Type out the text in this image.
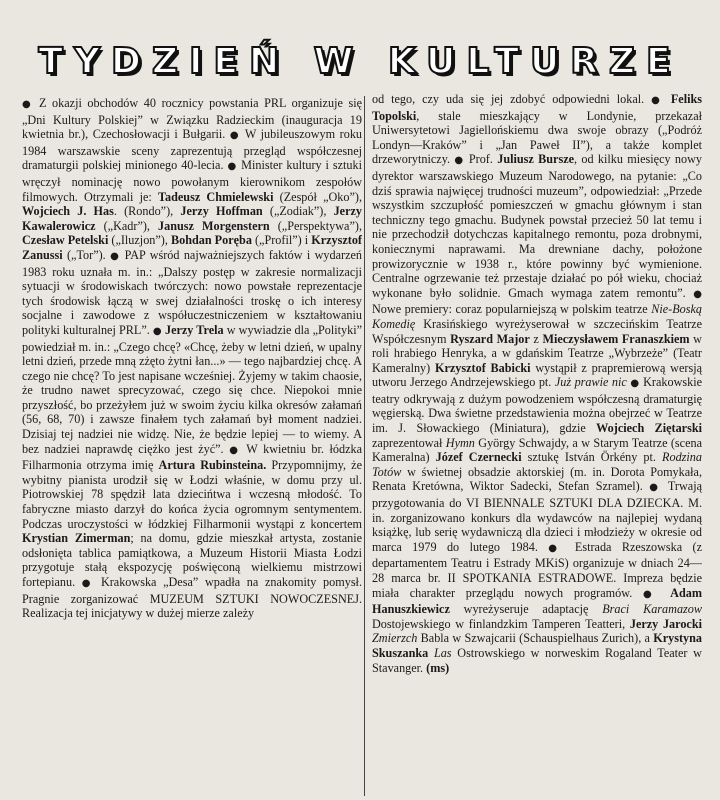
TYDZIEŃ W KULTURZE

● Z okazji obchodów 40 rocznicy powstania PRL organizuje się „Dni Kultury Polskiej” w Związku Radzieckim (inauguracja 19 kwietnia br.), Czechosłowacji i Bułgarii. ● W jubileuszowym roku 1984 warszawskie sceny zaprezentują przegląd współczesnej dramaturgii polskiej minionego 40-lecia. ● Minister kultury i sztuki wręczył nominację nowo powołanym kierownikom zespołów filmowych. Otrzymali je: Tadeusz Chmielewski (Zespół „Oko”), Wojciech J. Has. (Rondo”), Jerzy Hoffman („Zodiak”), Jerzy Kawalerowicz („Kadr”), Janusz Morgenstern („Perspektywa”), Czesław Petelski („Iluzjon”), Bohdan Poręba („Profil”) i Krzysztof Zanussi („Tor”). ● PAP wśród najważniejszych faktów i wydarzeń 1983 roku uznała m. in.: „Dalszy postęp w zakresie normalizacji sytuacji w środowiskach twórczych: nowo powstałe reprezentacje tych środowisk łączą w swej działalności troskę o ich interesy socjalne i zawodowe z współuczestniczeniem w kształtowaniu polityki kulturalnej PRL”. ● Jerzy Trela w wywiadzie dla „Polityki” powiedział m. in.: „Czego chcę? «Chcę, żeby w letni dzień, w upalny letni dzień, przede mną zżęto żytni łan...» — tego najbardziej chcę. A czego nie chcę? To jest napisane wcześniej. Żyjemy w takim chaosie, że trudno nawet sprecyzować, czego się chce. Niepokoi mnie przyszłość, bo przeżyłem już w swoim życiu kilka okresów załamań (56, 68, 70) i zawsze finałem tych załamań był moment nadziei. Dzisiaj tej nadziei nie widzę. Nie, że będzie lepiej — to wiemy. A bez nadziei naprawdę ciężko jest żyć”. ● W kwietniu br. łódzka Filharmonia otrzyma imię Artura Rubinsteina. Przypomnijmy, że wybitny pianista urodził się w Łodzi właśnie, w domu przy ul. Piotrowskiej 78 spędził lata dziecińtwa i wczesną młodość. To fabryczne miasto darzył do końca życia ogromnym sentymentem. Podczas uroczystości w łódzkiej Filharmonii wystąpi z koncertem Krystian Zimerman; na domu, gdzie mieszkał artysta, zostanie odsłonięta tablica pamiątkowa, a Muzeum Historii Miasta Łodzi przygotuje stałą ekspozycję poświęconą wielkiemu mistrzowi fortepianu. ● Krakowska „Desa” wpadła na znakomity pomysł. Pragnie zorganizować MUZEUM SZTUKI NOWOCZESNEJ. Realizacja tej inicjatywy w dużej mierze zależy

od tego, czy uda się jej zdobyć odpowiedni lokal. ● Feliks Topolski, stale mieszkający w Londynie, przekazał Uniwersytetowi Jagiellońskiemu dwa swoje obrazy („Podróż Londyn—Kraków” i „Jan Paweł II”), a także komplet drzeworytniczy. ● Prof. Juliusz Bursze, od kilku miesięcy nowy dyrektor warszawskiego Muzeum Narodowego, na pytanie: „Co dziś sprawia najwięcej trudności muzeum”, odpowiedział: „Przede wszystkim szczupłość pomieszczeń w gmachu głównym i stan techniczny tego gmachu. Budynek powstał przecież 50 lat temu i nie przechodził dotychczas kapitalnego remontu, poza drobnymi, koniecznymi naprawami. Ma drewniane dachy, położone prowizorycznie w 1938 r., które powinny być wymienione. Centralne ogrzewanie też przestaje działać po pół wieku, chociaż wykonane było solidnie. Gmach wymaga zatem remontu”. ● Nowe premiery: coraz popularniejszą w polskim teatrze Nie-Boską Komedię Krasińskiego wyreżyserował w szczecińskim Teatrze Współczesnym Ryszard Major z Mieczysławem Franaszkiem w roli hrabiego Henryka, a w gdańskim Teatrze „Wybrzeże” (Teatr Kameralny) Krzysztof Babicki wystąpił z prapremierową wersją utworu Jerzego Andrzejewskiego pt. Już prawie nic ● Krakowskie teatry odkrywają z dużym powodzeniem współczesną dramaturgię węgierską. Dwa świetne przedstawienia można obejrzeć w Teatrze im. J. Słowackiego (Miniatura), gdzie Wojciech Ziętarski zaprezentował Hymn György Schwajdy, a w Starym Teatrze (scena Kameralna) Józef Czernecki sztukę István Örkény pt. Rodzina Totów w świetnej obsadzie aktorskiej (m. in. Dorota Pomykała, Renata Kretówna, Wiktor Sadecki, Stefan Szramel). ● Trwają przygotowania do VI BIENNALE SZTUKI DLA DZIECKA. M. in. zorganizowano konkurs dla wydawców na najlepiej wydaną książkę, lub serię wydawniczą dla dzieci i młodzieży w okresie od marca 1979 do lutego 1984. ● Estrada Rzeszowska (z departamentem Teatru i Estrady MKiS) organizuje w dniach 24—28 marca br. II SPOTKANIA ESTRADOWE. Impreza będzie miała charakter przeglądu nowych programów. ● Adam Hanuszkiewicz wyreżyseruje adaptację Braci Karamazow Dostojewskiego w finlandzkim Tamperen Teatteri, Jerzy Jarocki Zmierzch Babla w Szwajcarii (Schauspielhaus Zurich), a Krystyna Skuszanka Las Ostrowskiego w norweskim Rogaland Teater w Stavanger. (ms)
